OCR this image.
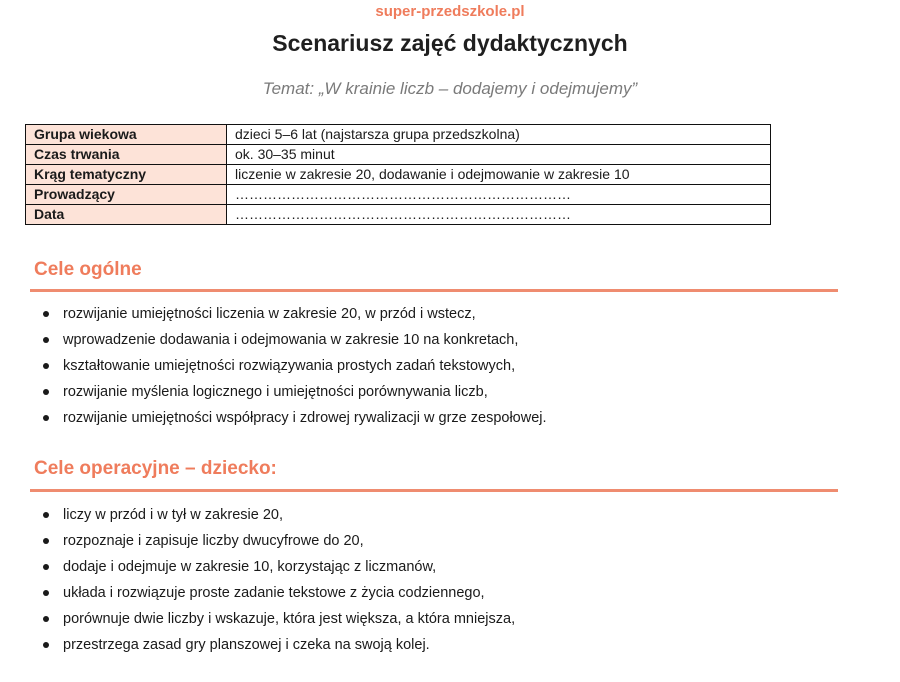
super-przedszkole.pl
Scenariusz zajęć dydaktycznych
Temat: „W krainie liczb – dodajemy i odejmujemy”
Grupa wiekowa	dzieci 5–6 lat (najstarsza grupa przedszkolna)
Czas trwania	ok. 30–35 minut
Krąg tematyczny	liczenie w zakresie 20, dodawanie i odejmowanie w zakresie 10
Prowadzący	………………………………………………………………
Data	………………………………………………………………
Cele ogólne
rozwijanie umiejętności liczenia w zakresie 20, w przód i wstecz,
wprowadzenie dodawania i odejmowania w zakresie 10 na konkretach,
kształtowanie umiejętności rozwiązywania prostych zadań tekstowych,
rozwijanie myślenia logicznego i umiejętności porównywania liczb,
rozwijanie umiejętności współpracy i zdrowej rywalizacji w grze zespołowej.
Cele operacyjne – dziecko:
liczy w przód i w tył w zakresie 20,
rozpoznaje i zapisuje liczby dwucyfrowe do 20,
dodaje i odejmuje w zakresie 10, korzystając z liczmanów,
układa i rozwiązuje proste zadanie tekstowe z życia codziennego,
porównuje dwie liczby i wskazuje, która jest większa, a która mniejsza,
przestrzega zasad gry planszowej i czeka na swoją kolej.
